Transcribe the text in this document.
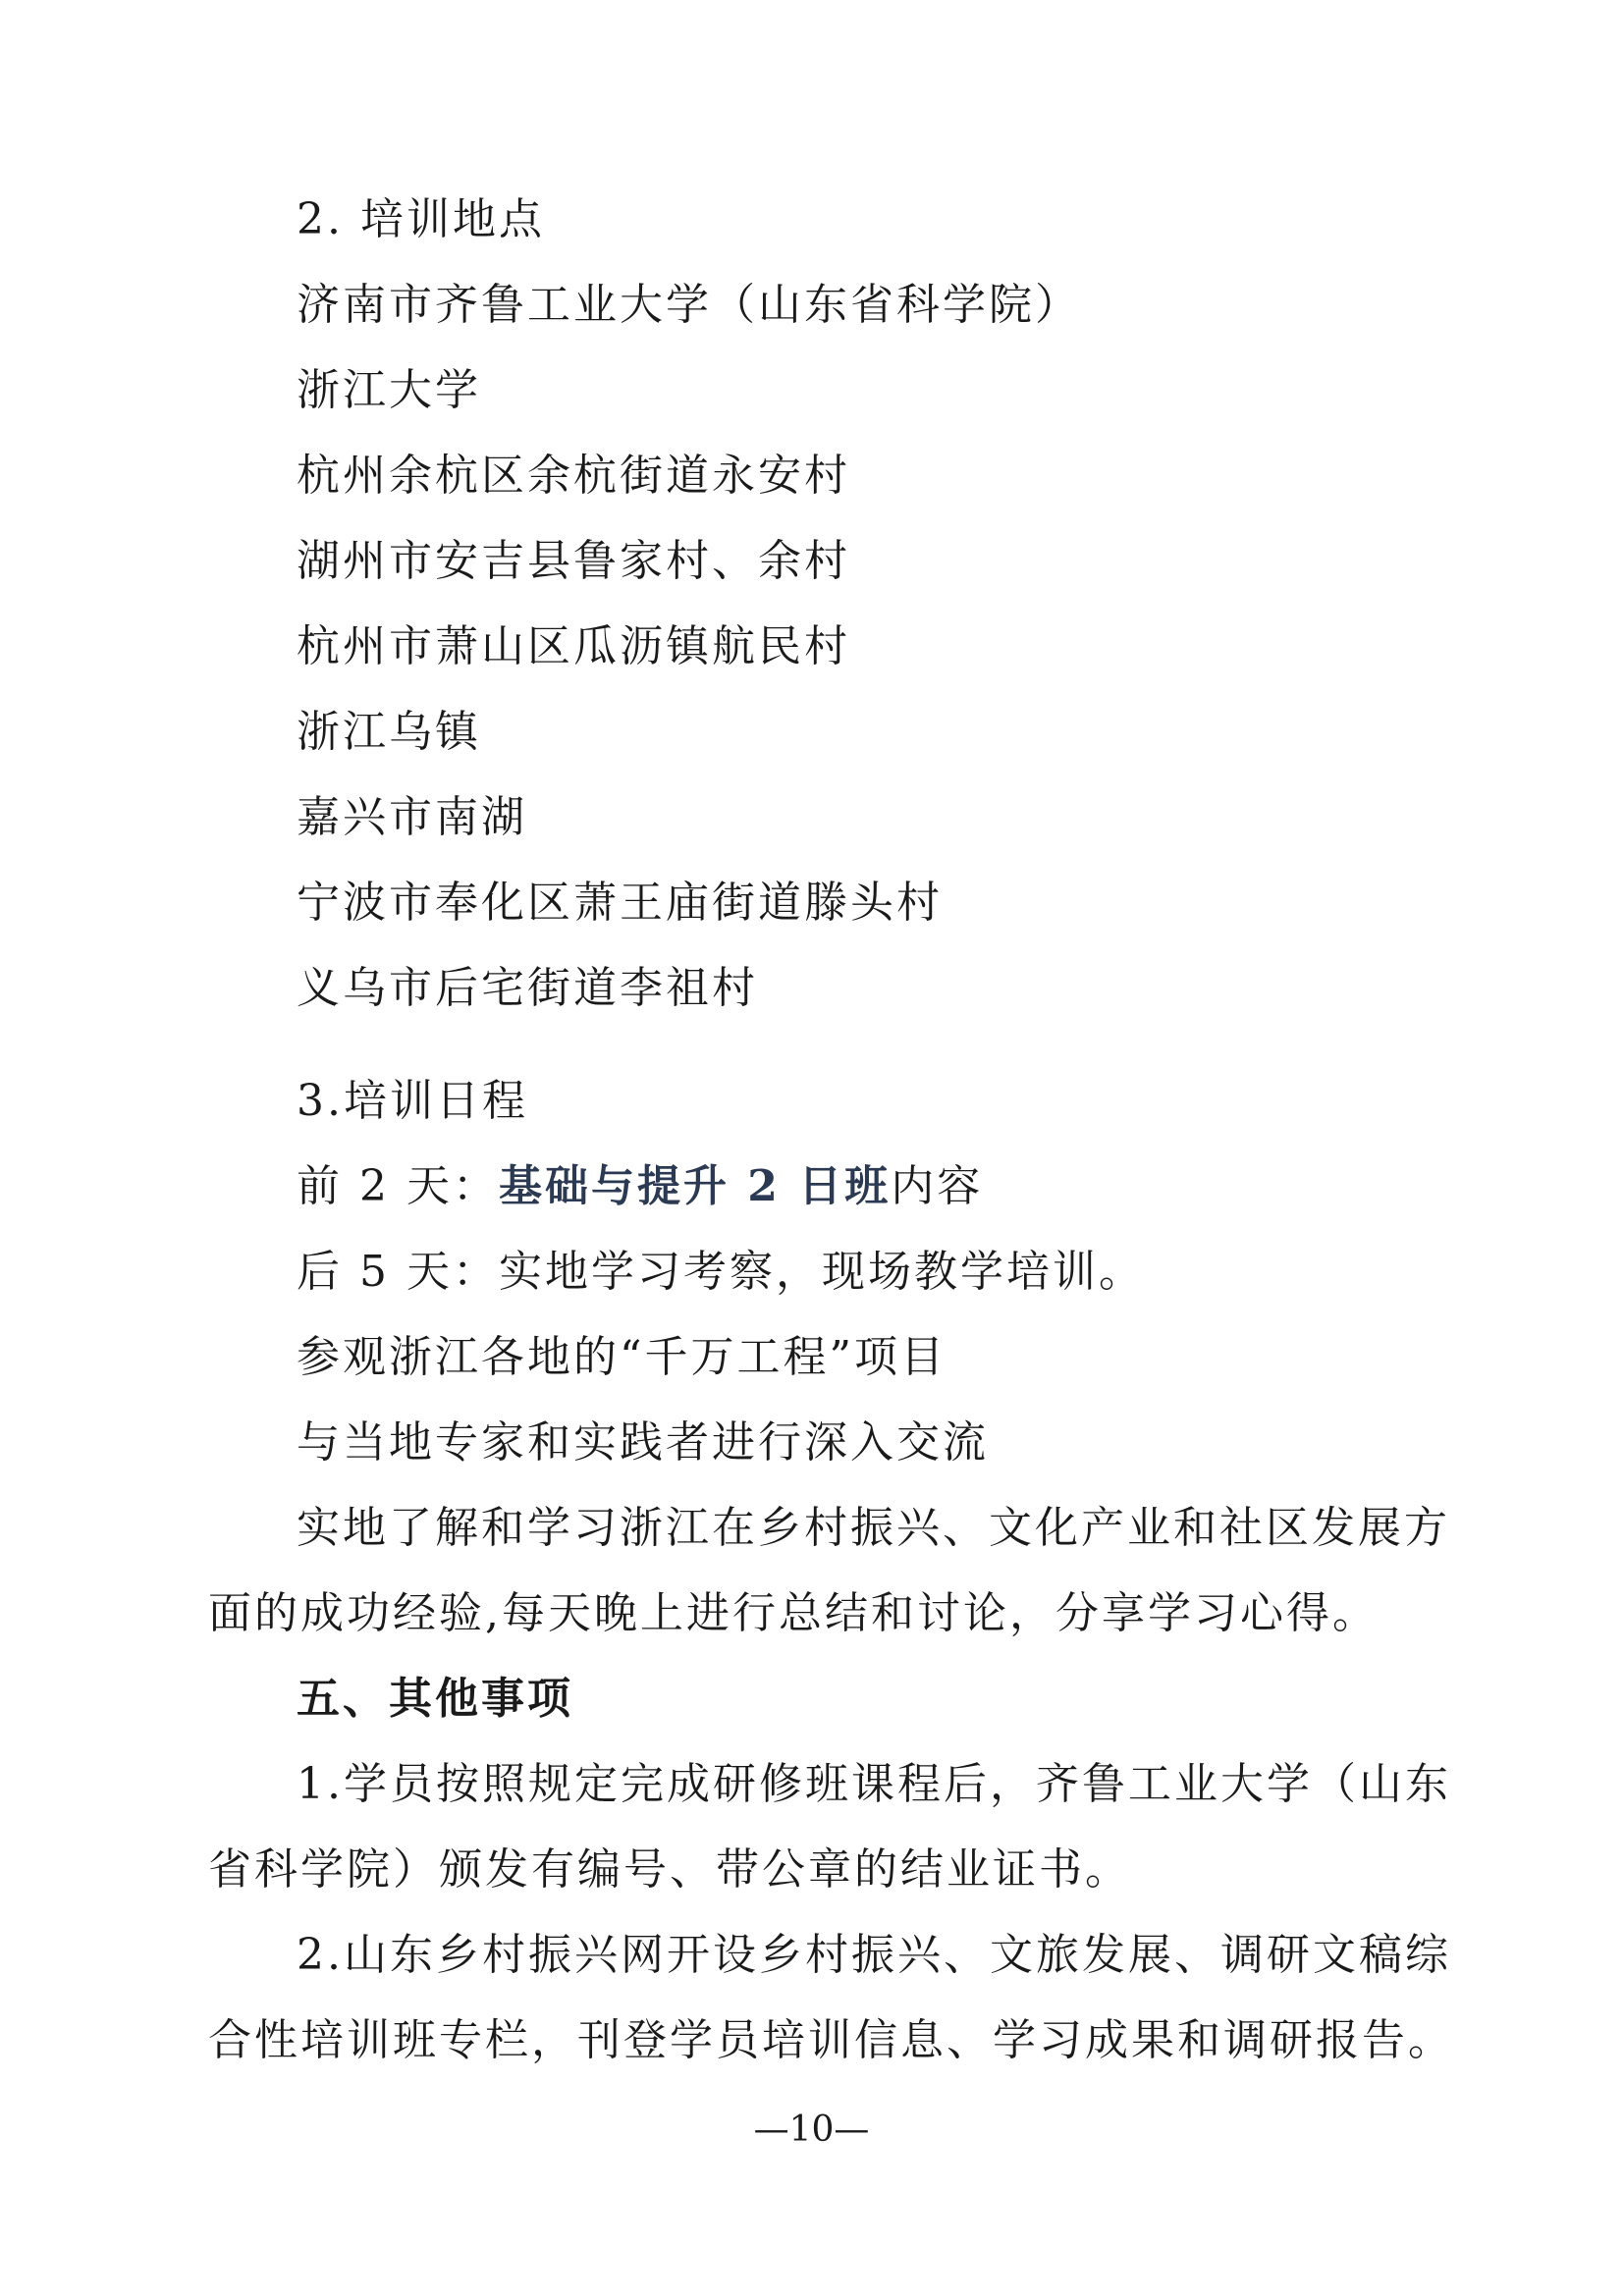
2. 培训地点
济南市齐鲁工业大学（山东省科学院）
浙江大学
杭州余杭区余杭街道永安村
湖州市安吉县鲁家村、余村
杭州市萧山区瓜沥镇航民村
浙江乌镇
嘉兴市南湖
宁波市奉化区萧王庙街道滕头村
义乌市后宅街道李祖村
3.培训日程
前 2 天：基础与提升 2 日班内容
后 5 天：实地学习考察，现场教学培训。
参观浙江各地的“千万工程”项目
与当地专家和实践者进行深入交流
实地了解和学习浙江在乡村振兴、文化产业和社区发展方
面的成功经验,每天晚上进行总结和讨论，分享学习心得。
五、其他事项
1.学员按照规定完成研修班课程后，齐鲁工业大学（山东
省科学院）颁发有编号、带公章的结业证书。
2.山东乡村振兴网开设乡村振兴、文旅发展、调研文稿综
合性培训班专栏，刊登学员培训信息、学习成果和调研报告。
—10—
